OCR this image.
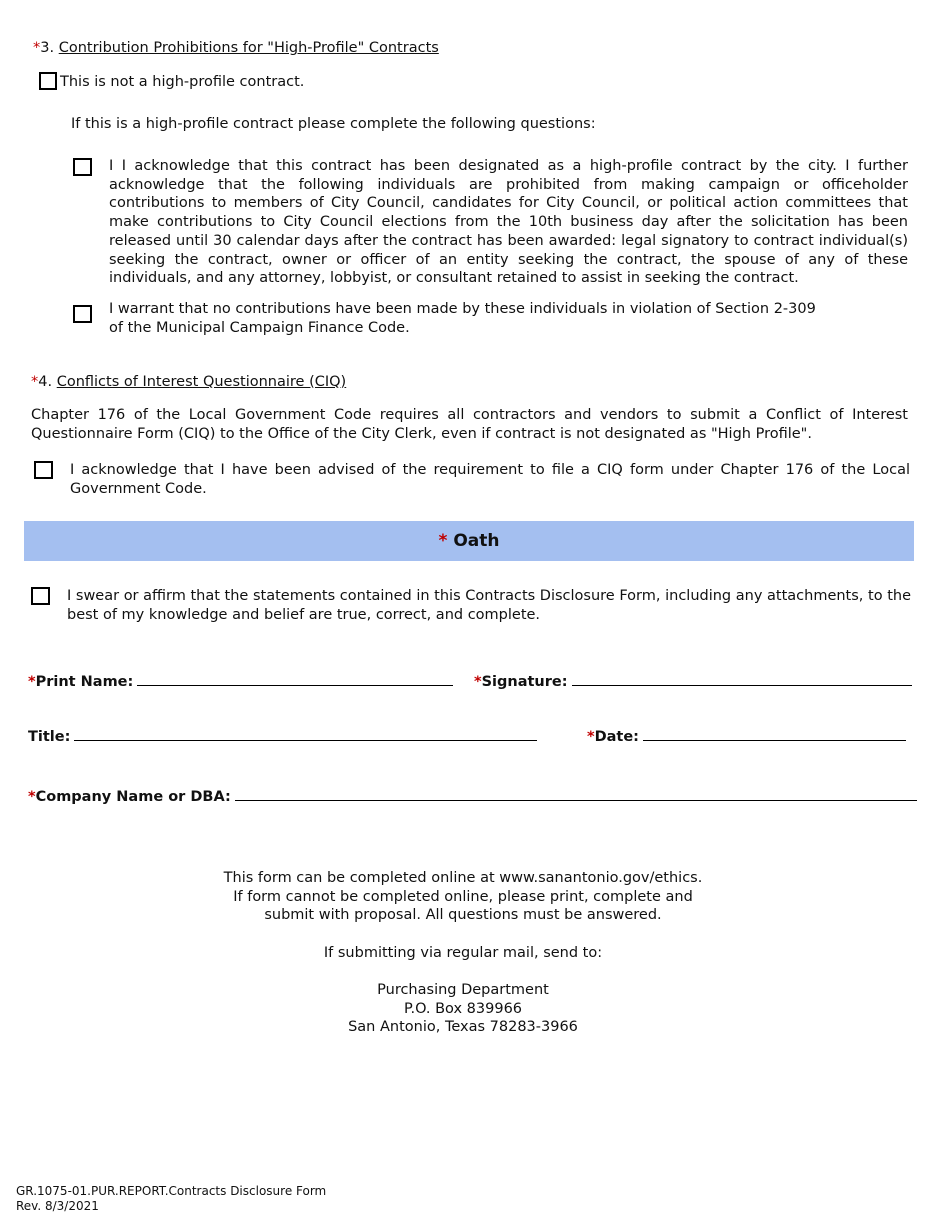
*3. Contribution Prohibitions for "High-Profile" Contracts
This is not a high-profile contract.
If this is a high-profile contract please complete the following questions:
I I acknowledge that this contract has been designated as a high-profile contract by the city. I further acknowledge that the following individuals are prohibited from making campaign or officeholder contributions to members of City Council, candidates for City Council, or political action committees that make contributions to City Council elections from the 10th business day after the solicitation has been released until 30 calendar days after the contract has been awarded: legal signatory to contract individual(s) seeking the contract, owner or officer of an entity seeking the contract, the spouse of any of these individuals, and any attorney, lobbyist, or consultant retained to assist in seeking the contract.
I warrant that no contributions have been made by these individuals in violation of Section 2-309
of the Municipal Campaign Finance Code.
*4. Conflicts of Interest Questionnaire (CIQ)
Chapter 176 of the Local Government Code requires all contractors and vendors to submit a Conflict of Interest Questionnaire Form (CIQ) to the Office of the City Clerk, even if contract is not designated as "High Profile".
I acknowledge that I have been advised of the requirement to file a CIQ form under Chapter 176 of the Local Government Code.
* Oath
I swear or affirm that the statements contained in this Contracts Disclosure Form, including any attachments, to the best of my knowledge and belief are true, correct, and complete.
*Print Name:	*Signature:
Title:	*Date:
*Company Name or DBA:
This form can be completed online at www.sanantonio.gov/ethics.
If form cannot be completed online, please print, complete and
submit with proposal. All questions must be answered.
If submitting via regular mail, send to:
Purchasing Department
P.O. Box 839966
San Antonio, Texas 78283-3966
GR.1075-01.PUR.REPORT.Contracts Disclosure Form
Rev. 8/3/2021
